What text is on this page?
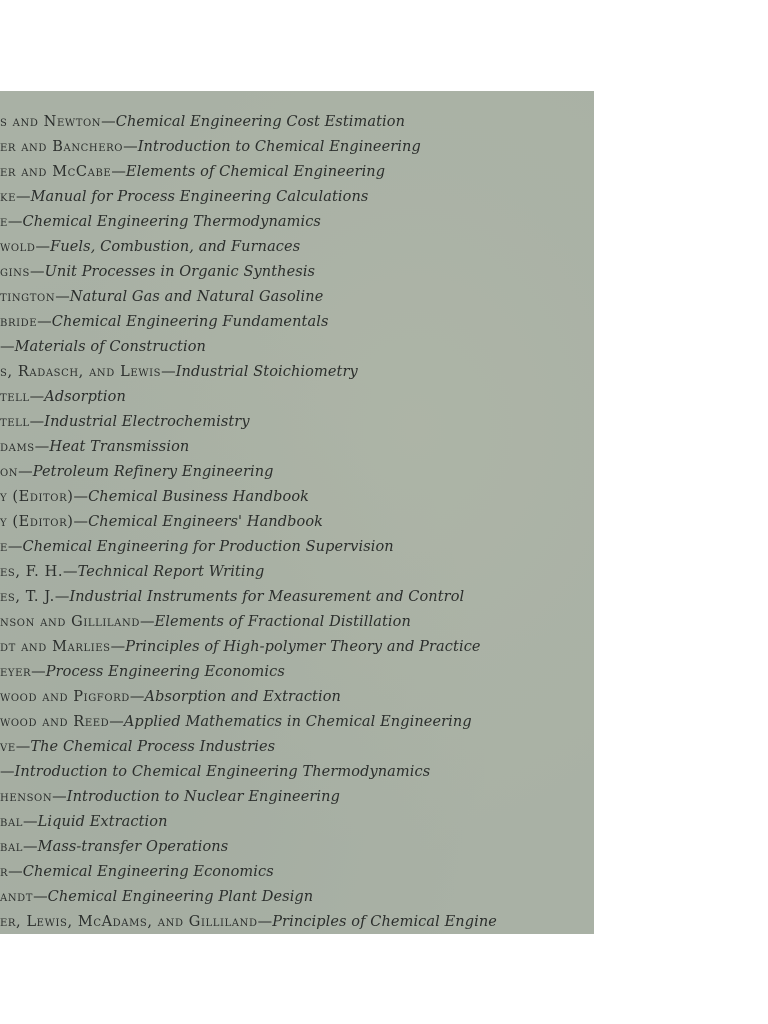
s and Newton—Chemical Engineering Cost Estimation
er and Banchero—Introduction to Chemical Engineering
er and McCabe—Elements of Chemical Engineering
ke—Manual for Process Engineering Calculations
e—Chemical Engineering Thermodynamics
wold—Fuels, Combustion, and Furnaces
gins—Unit Processes in Organic Synthesis
tington—Natural Gas and Natural Gasoline
bride—Chemical Engineering Fundamentals
—Materials of Construction
s, Radasch, and Lewis—Industrial Stoichiometry
tell—Adsorption
tell—Industrial Electrochemistry
dams—Heat Transmission
on—Petroleum Refinery Engineering
y (Editor)—Chemical Business Handbook
y (Editor)—Chemical Engineers' Handbook
e—Chemical Engineering for Production Supervision
es, F. H.—Technical Report Writing
es, T. J.—Industrial Instruments for Measurement and Control
nson and Gilliland—Elements of Fractional Distillation
dt and Marlies—Principles of High-polymer Theory and Practice
eyer—Process Engineering Economics
wood and Pigford—Absorption and Extraction
wood and Reed—Applied Mathematics in Chemical Engineering
ve—The Chemical Process Industries
—Introduction to Chemical Engineering Thermodynamics
henson—Introduction to Nuclear Engineering
bal—Liquid Extraction
bal—Mass-transfer Operations
r—Chemical Engineering Economics
andt—Chemical Engineering Plant Design
er, Lewis, McAdams, and Gilliland—Principles of Chemical Engine
